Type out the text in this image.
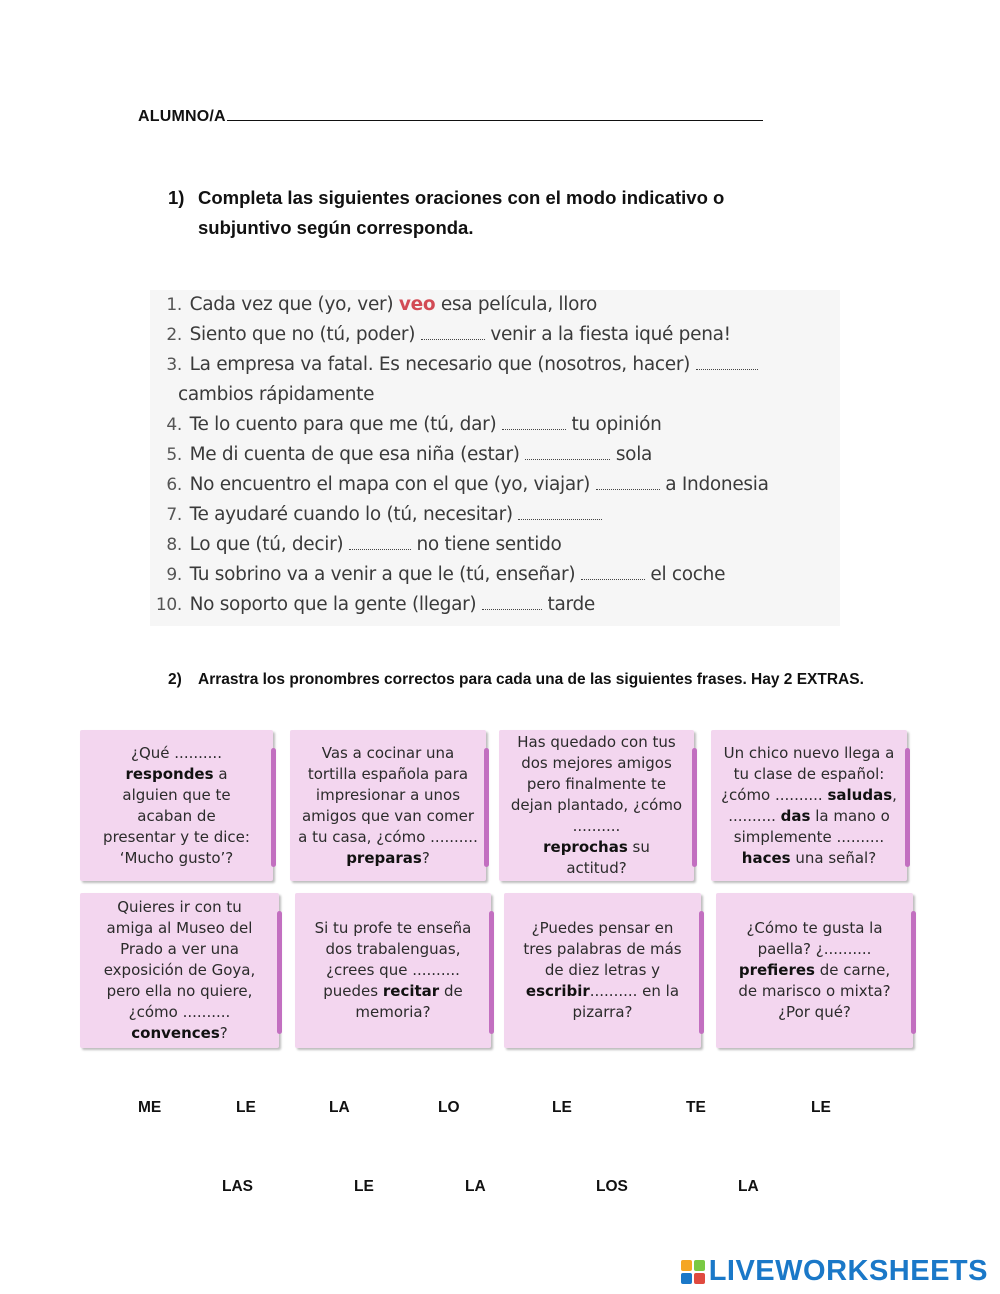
ALUMNO/A
1) Completa las siguientes oraciones con el modo indicativo o subjuntivo según corresponda.
1. Cada vez que (yo, ver) veo esa película, lloro
2. Siento que no (tú, poder)	venir a la fiesta iqué pena!
3. La empresa va fatal. Es necesario que (nosotros, hacer)
cambios rápidamente
4. Te lo cuento para que me (tú, dar)	tu opinión
5. Me di cuenta de que esa niña (estar)	sola
6. No encuentro el mapa con el que (yo, viajar)	a Indonesia
7. Te ayudaré cuando lo (tú, necesitar)
8. Lo que (tú, decir)	no tiene sentido
9. Tu sobrino va a venir a que le (tú, enseñar)	el coche
10. No soporto que la gente (llegar)	tarde
2) Arrastra los pronombres correctos para cada una de las siguientes frases. Hay 2 EXTRAS.
¿Qué ..........
respondes a
alguien que te
acaban de
presentar y te dice:
‘Mucho gusto’?
Vas a cocinar una
tortilla española para
impresionar a unos
amigos que van comer
a tu casa, ¿cómo ..........
preparas?
Has quedado con tus
dos mejores amigos
pero finalmente te
dejan plantado, ¿cómo
..........
reprochas su
actitud?
Un chico nuevo llega a
tu clase de español:
¿cómo .......... saludas,
.......... das la mano o
simplemente ..........
haces una señal?
Quieres ir con tu
amiga al Museo del
Prado a ver una
exposición de Goya,
pero ella no quiere,
¿cómo ..........
convences?
Si tu profe te enseña
dos trabalenguas,
¿crees que ..........
puedes recitar de
memoria?
¿Puedes pensar en
tres palabras de más
de diez letras y
escribir.......... en la
pizarra?
¿Cómo te gusta la
paella? ¿..........
prefieres de carne,
de marisco o mixta?
¿Por qué?
ME	LE	LA	LO	LE	TE	LE
LAS	LE	LA	LOS	LA
LIVEWORKSHEETS
